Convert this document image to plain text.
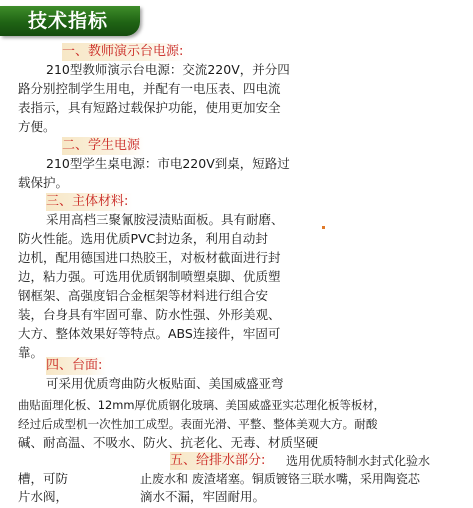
技术指标
一、教师演示台电源:
210型教师演示台电源：交流220V，并分四
路分别控制学生用电，并配有一电压表、四电流
表指示，具有短路过载保护功能，使用更加安全
方便。
二、学生电源
210型学生桌电源：市电220V到桌，短路过
载保护。
三、主体材料:
采用高档三聚氰胺浸渍贴面板。具有耐磨、
防火性能。选用优质PVC封边条，利用自动封
边机，配用德国进口热胶王，对板材截面进行封
边，粘力强。可选用优质钢制喷塑桌脚、优质塑
钢框架、高强度铝合金框架等材料进行组合安
装，台身具有牢固可靠、防水性强、外形美观、
大方、整体效果好等特点。ABS连接件，牢固可
靠。
四、台面:
可采用优质弯曲防火板贴面、美国威盛亚弯
曲贴面理化板、12mm厚优质钢化玻璃、美国威盛亚实芯理化板等板材，
经过后成型机一次性加工成型。表面光滑、平整、整体美观大方。耐酸
碱、耐高温、不吸水、防火、抗老化、无毒、材质坚硬
五、给排水部分:	选用优质特制水封式化验水
槽，可防	止废水和 废渣堵塞。铜质镀铬三联水嘴，采用陶瓷芯
片水阀，	滴水不漏，牢固耐用。
